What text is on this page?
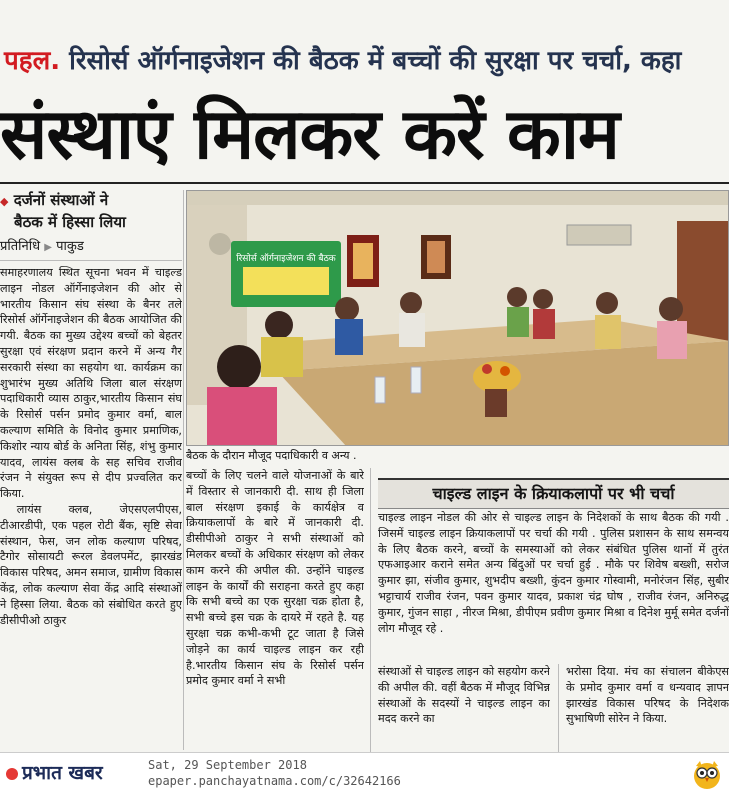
पहल. रिसोर्स ऑर्गनाइजेशन की बैठक में बच्चों की सुरक्षा पर चर्चा, कहा
संस्थाएं मिलकर करें काम
◆ दर्जनों संस्थाओं ने
बैठक में हिस्सा लिया
प्रतिनिधि ▶ पाकुड

समाहरणालय स्थित सूचना भवन में चाइल्ड लाइन नोडल ऑर्गेनाइजेशन की ओर से भारतीय किसान संघ संस्था के बैनर तले रिसोर्स ऑर्गेनाइजेशन की बैठक आयोजित की गयी. बैठक का मुख्य उद्देश्य बच्चों को बेहतर सुरक्षा एवं संरक्षण प्रदान करने में अन्य गैर सरकारी संस्था का सहयोग था. कार्यक्रम का शुभारंभ मुख्य अतिथि जिला बाल संरक्षण पदाधिकारी व्यास ठाकुर,भारतीय किसान संघ के रिसोर्स पर्सन प्रमोद कुमार वर्मा, बाल कल्याण समिति के विनोद कुमार प्रमाणिक, किशोर न्याय बोर्ड के अनिता सिंह, शंभु कुमार यादव, लायंस क्लब के सह सचिव राजीव रंजन ने संयुक्त रूप से दीप प्रज्वलित कर किया.

लायंस क्लब, जेएसएलपीएस, टीआरडीपी, एक पहल रोटी बैंक, सृष्टि सेवा संस्थान, फेस, जन लोक कल्याण परिषद, टैगोर सोसायटी रूरल डेवलपमेंट, झारखंड विकास परिषद, अमन समाज, ग्रामीण विकास केंद्र, लोक कल्याण सेवा केंद्र आदि संस्थाओं ने हिस्सा लिया. बैठक को संबोधित करते हुए डीसीपीओ ठाकुर

रिसोर्स ऑर्गनाइजेशन की बैठक
बैठक के दौरान मौजूद पदाधिकारी व अन्य .

बच्चों के लिए चलने वाले योजनाओं के बारे में विस्तार से जानकारी दी. साथ ही जिला बाल संरक्षण इकाई के कार्यक्षेत्र व क्रियाकलापों के बारे में जानकारी दी. डीसीपीओ ठाकुर ने सभी संस्थाओं को मिलकर बच्चों के अधिकार संरक्षण को लेकर काम करने की अपील की. उन्होंने चाइल्ड लाइन के कार्यों की सराहना करते हुए कहा कि सभी बच्चे का एक सुरक्षा चक्र होता है, सभी बच्चे इस चक्र के दायरे में रहते है. यह सुरक्षा चक्र कभी-कभी टूट जाता है जिसे जोड़ने का कार्य चाइल्ड लाइन कर रही है.भारतीय किसान संघ के रिसोर्स पर्सन प्रमोद कुमार वर्मा ने सभी

चाइल्ड लाइन के क्रियाकलापों पर भी चर्चा

चाइल्ड लाइन नोडल की ओर से चाइल्ड लाइन के निदेशकों के साथ बैठक की गयी . जिसमें चाइल्ड लाइन क्रियाकलापों पर चर्चा की गयी . पुलिस प्रशासन के साथ समन्वय के लिए बैठक करने, बच्चों के समस्याओं को लेकर संबंधित पुलिस थानों में तुरंत एफआइआर कराने समेत अन्य बिंदुओं पर चर्चा हुई . मौके पर शिवेष बख्शी, सरोज कुमार झा, संजीव कुमार, शुभदीप बख्शी, कुंदन कुमार गोस्वामी, मनोरंजन सिंह, सुबीर भट्टाचार्य राजीव रंजन, पवन कुमार यादव, प्रकाश चंद्र घोष , राजीव रंजन, अनिरुद्ध कुमार, गुंजन साहा , नीरज मिश्रा, डीपीएम प्रवीण कुमार मिश्रा व दिनेश मुर्मू समेत दर्जनों लोग मौजूद रहे .

संस्थाओं से चाइल्ड लाइन को सहयोग करने की अपील की. वहीं बैठक में मौजूद विभिन्न संस्थाओं के सदस्यों ने चाइल्ड लाइन का मदद करने का

भरोसा दिया. मंच का संचालन बीकेएस के प्रमोद कुमार वर्मा व धन्यवाद ज्ञापन झारखंड विकास परिषद के निदेशक सुभाषिणी सोरेन ने किया.

प्रभात खबर	Sat, 29 September 2018
epaper.panchayatnama.com/c/32642166
